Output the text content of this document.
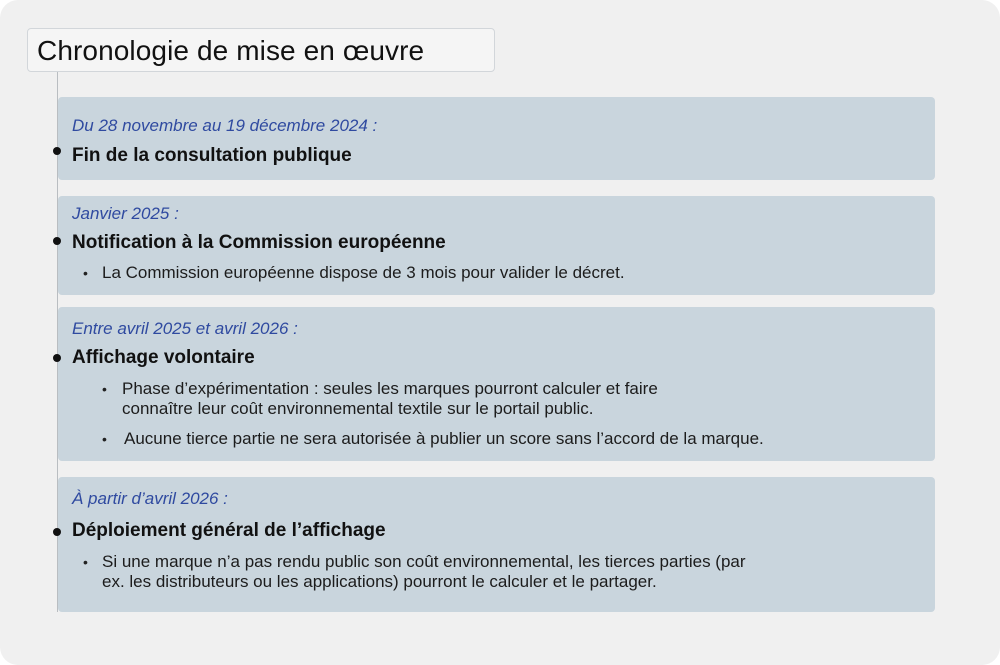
Chronologie de mise en œuvre
Du 28 novembre au 19 décembre 2024 :
Fin de la consultation publique
Janvier 2025 :
Notification à la Commission européenne
• La Commission européenne dispose de 3 mois pour valider le décret.
Entre avril 2025 et avril 2026 :
Affichage volontaire
• Phase d’expérimentation : seules les marques pourront calculer et faire
connaître leur coût environnemental textile sur le portail public.
• Aucune tierce partie ne sera autorisée à publier un score sans l’accord de la marque.
À partir d’avril 2026 :
Déploiement général de l’affichage
• Si une marque n’a pas rendu public son coût environnemental, les tierces parties (par
ex. les distributeurs ou les applications) pourront le calculer et le partager.
